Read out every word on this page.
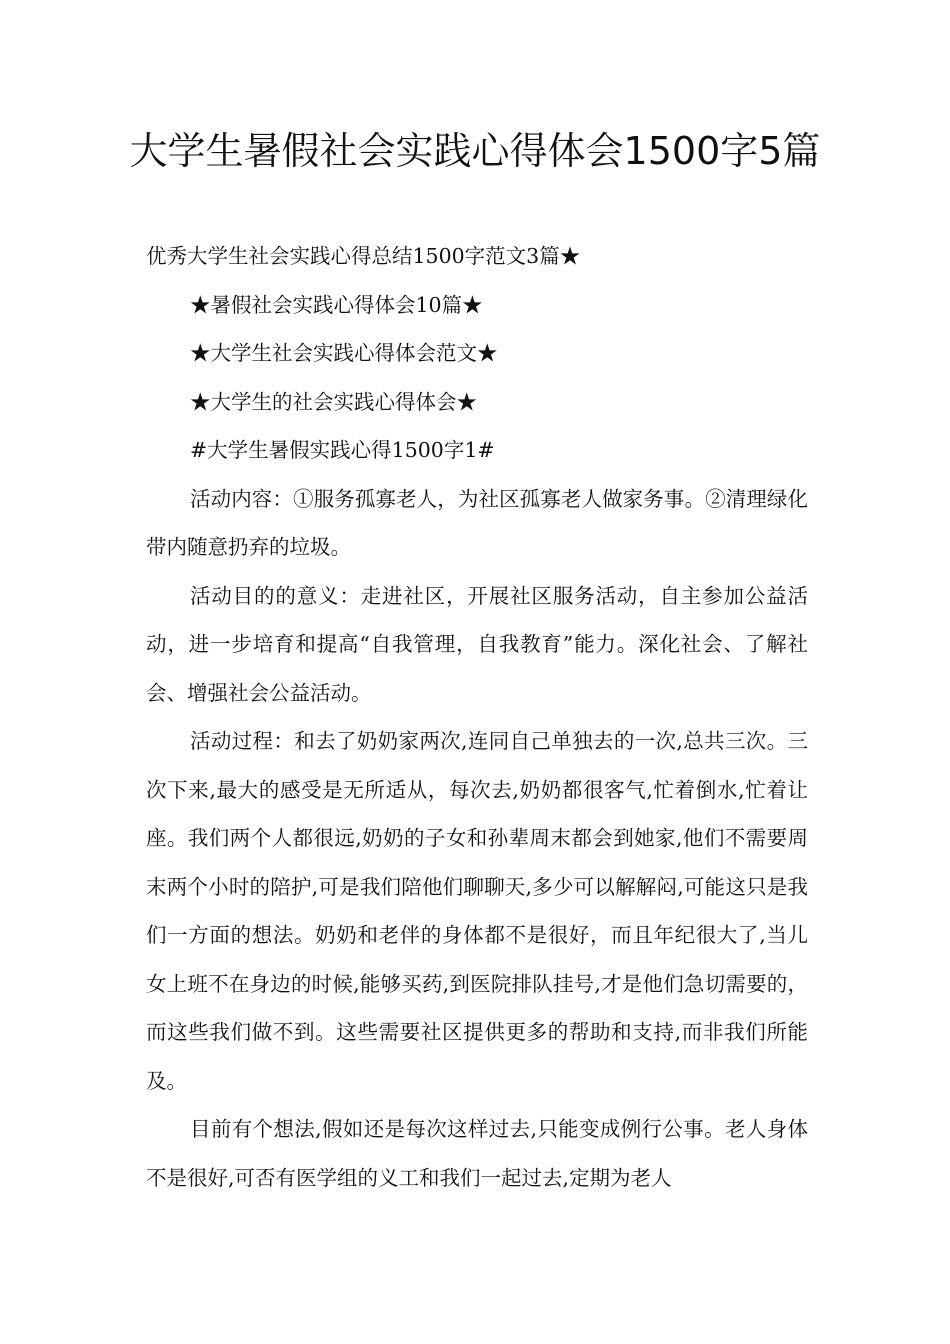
大学生暑假社会实践心得体会1500字5篇

优秀大学生社会实践心得总结1500字范文3篇★

★暑假社会实践心得体会10篇★

★大学生社会实践心得体会范文★

★大学生的社会实践心得体会★

#大学生暑假实践心得1500字1#

活动内容：①服务孤寡老人，为社区孤寡老人做家务事。②清理绿化带内随意扔弃的垃圾。

活动目的的意义：走进社区，开展社区服务活动，自主参加公益活动，进一步培育和提高“自我管理，自我教育”能力。深化社会、了解社会、增强社会公益活动。

活动过程：和去了奶奶家两次,连同自己单独去的一次,总共三次。三次下来,最大的感受是无所适从，每次去,奶奶都很客气,忙着倒水,忙着让座。我们两个人都很远,奶奶的子女和孙辈周末都会到她家,他们不需要周末两个小时的陪护,可是我们陪他们聊聊天,多少可以解解闷,可能这只是我们一方面的想法。奶奶和老伴的身体都不是很好，而且年纪很大了,当儿女上班不在身边的时候,能够买药,到医院排队挂号,才是他们急切需要的，而这些我们做不到。这些需要社区提供更多的帮助和支持,而非我们所能及。

目前有个想法,假如还是每次这样过去,只能变成例行公事。老人身体不是很好,可否有医学组的义工和我们一起过去,定期为老人
